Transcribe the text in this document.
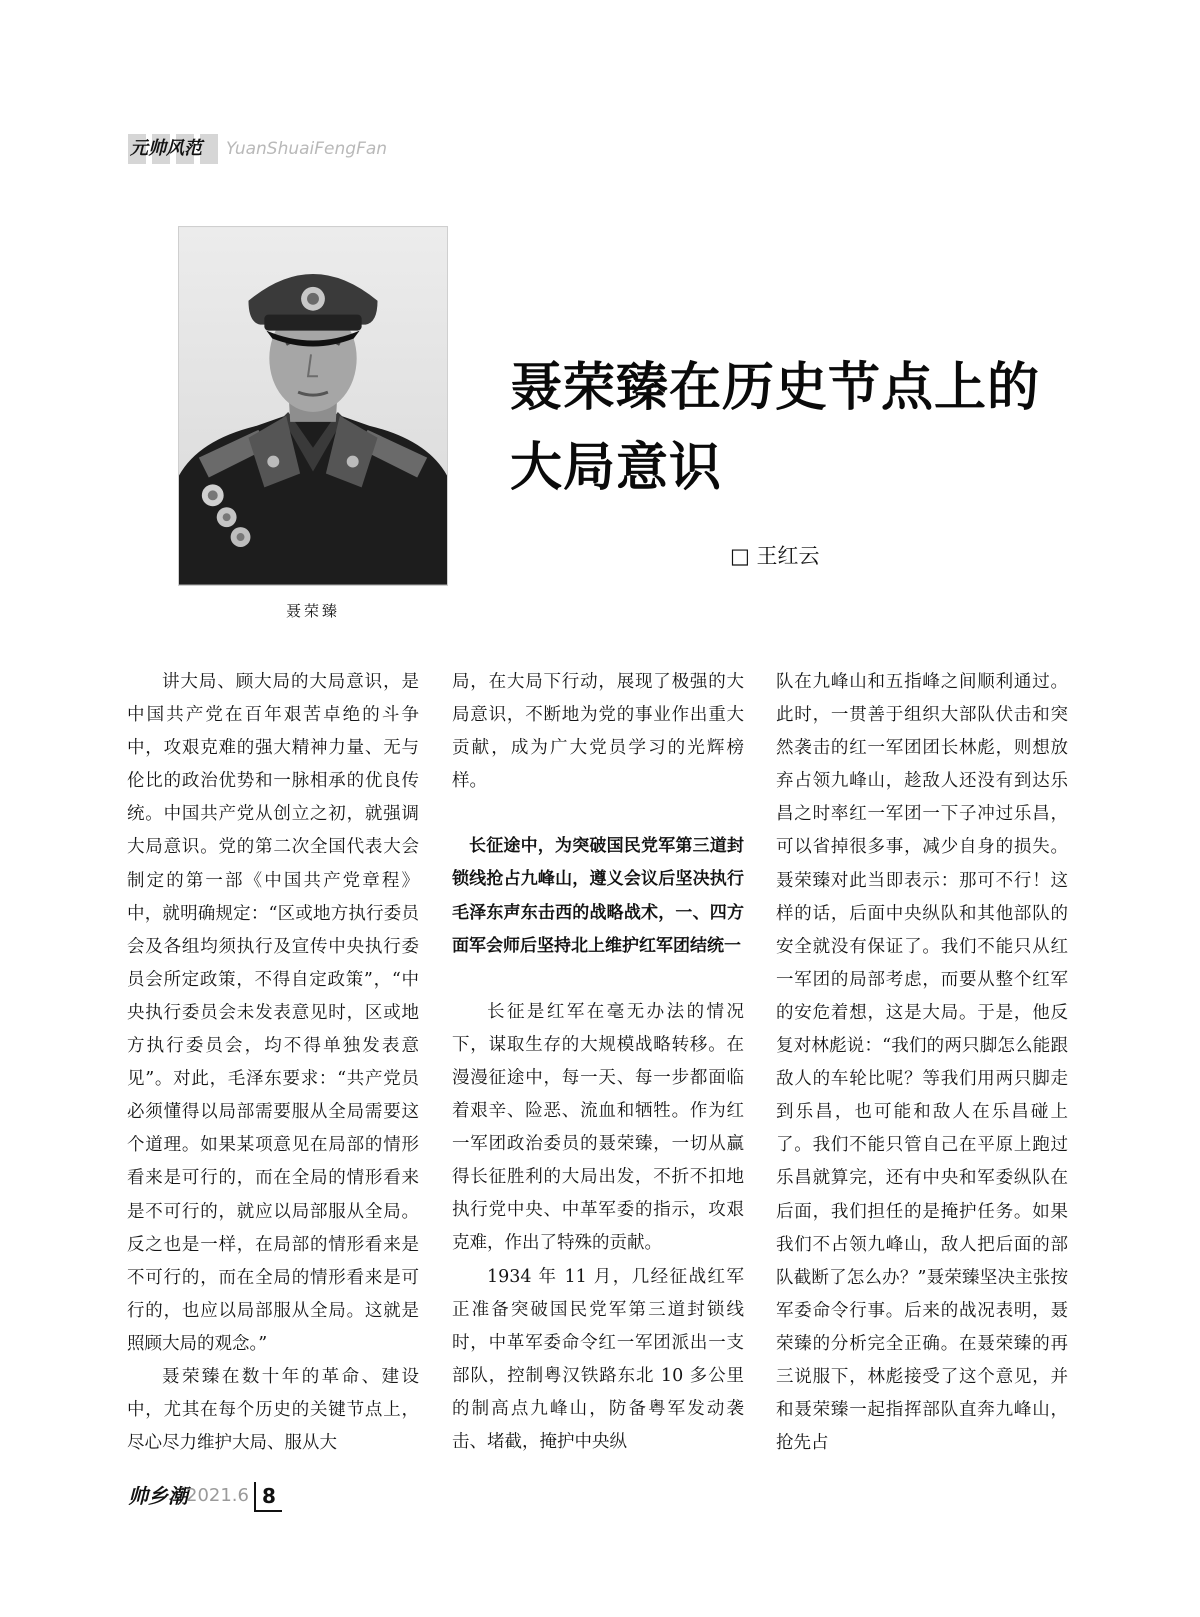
元帅风范	YuanShuaiFengFan
聂荣臻
聂荣臻在历史节点上的
大局意识
□ 王红云

讲大局、顾大局的大局意识，是中国共产党在百年艰苦卓绝的斗争中，攻艰克难的强大精神力量、无与伦比的政治优势和一脉相承的优良传统。中国共产党从创立之初，就强调大局意识。党的第二次全国代表大会制定的第一部《中国共产党章程》中，就明确规定：“区或地方执行委员会及各组均须执行及宣传中央执行委员会所定政策，不得自定政策”，“中央执行委员会未发表意见时，区或地方执行委员会，均不得单独发表意见”。对此，毛泽东要求：“共产党员必须懂得以局部需要服从全局需要这个道理。如果某项意见在局部的情形看来是可行的，而在全局的情形看来是不可行的，就应以局部服从全局。反之也是一样，在局部的情形看来是不可行的，而在全局的情形看来是可行的，也应以局部服从全局。这就是照顾大局的观念。”

聂荣臻在数十年的革命、建设中，尤其在每个历史的关键节点上，尽心尽力维护大局、服从大

局，在大局下行动，展现了极强的大局意识，不断地为党的事业作出重大贡献，成为广大党员学习的光辉榜样。

长征途中，为突破国民党军第三道封锁线抢占九峰山，遵义会议后坚决执行毛泽东声东击西的战略战术，一、四方面军会师后坚持北上维护红军团结统一

长征是红军在毫无办法的情况下，谋取生存的大规模战略转移。在漫漫征途中，每一天、每一步都面临着艰辛、险恶、流血和牺牲。作为红一军团政治委员的聂荣臻，一切从赢得长征胜利的大局出发，不折不扣地执行党中央、中革军委的指示，攻艰克难，作出了特殊的贡献。

1934 年 11 月，几经征战红军正准备突破国民党军第三道封锁线时，中革军委命令红一军团派出一支部队，控制粤汉铁路东北 10 多公里的制高点九峰山，防备粤军发动袭击、堵截，掩护中央纵

队在九峰山和五指峰之间顺利通过。此时，一贯善于组织大部队伏击和突然袭击的红一军团团长林彪，则想放弃占领九峰山，趁敌人还没有到达乐昌之时率红一军团一下子冲过乐昌，可以省掉很多事，减少自身的损失。聂荣臻对此当即表示：那可不行！这样的话，后面中央纵队和其他部队的安全就没有保证了。我们不能只从红一军团的局部考虑，而要从整个红军的安危着想，这是大局。于是，他反复对林彪说：“我们的两只脚怎么能跟敌人的车轮比呢？等我们用两只脚走到乐昌，也可能和敌人在乐昌碰上了。我们不能只管自己在平原上跑过乐昌就算完，还有中央和军委纵队在后面，我们担任的是掩护任务。如果我们不占领九峰山，敌人把后面的部队截断了怎么办？”聂荣臻坚决主张按军委命令行事。后来的战况表明，聂荣臻的分析完全正确。在聂荣臻的再三说服下，林彪接受了这个意见，并和聂荣臻一起指挥部队直奔九峰山，抢先占

帅乡潮
2021.6 8
